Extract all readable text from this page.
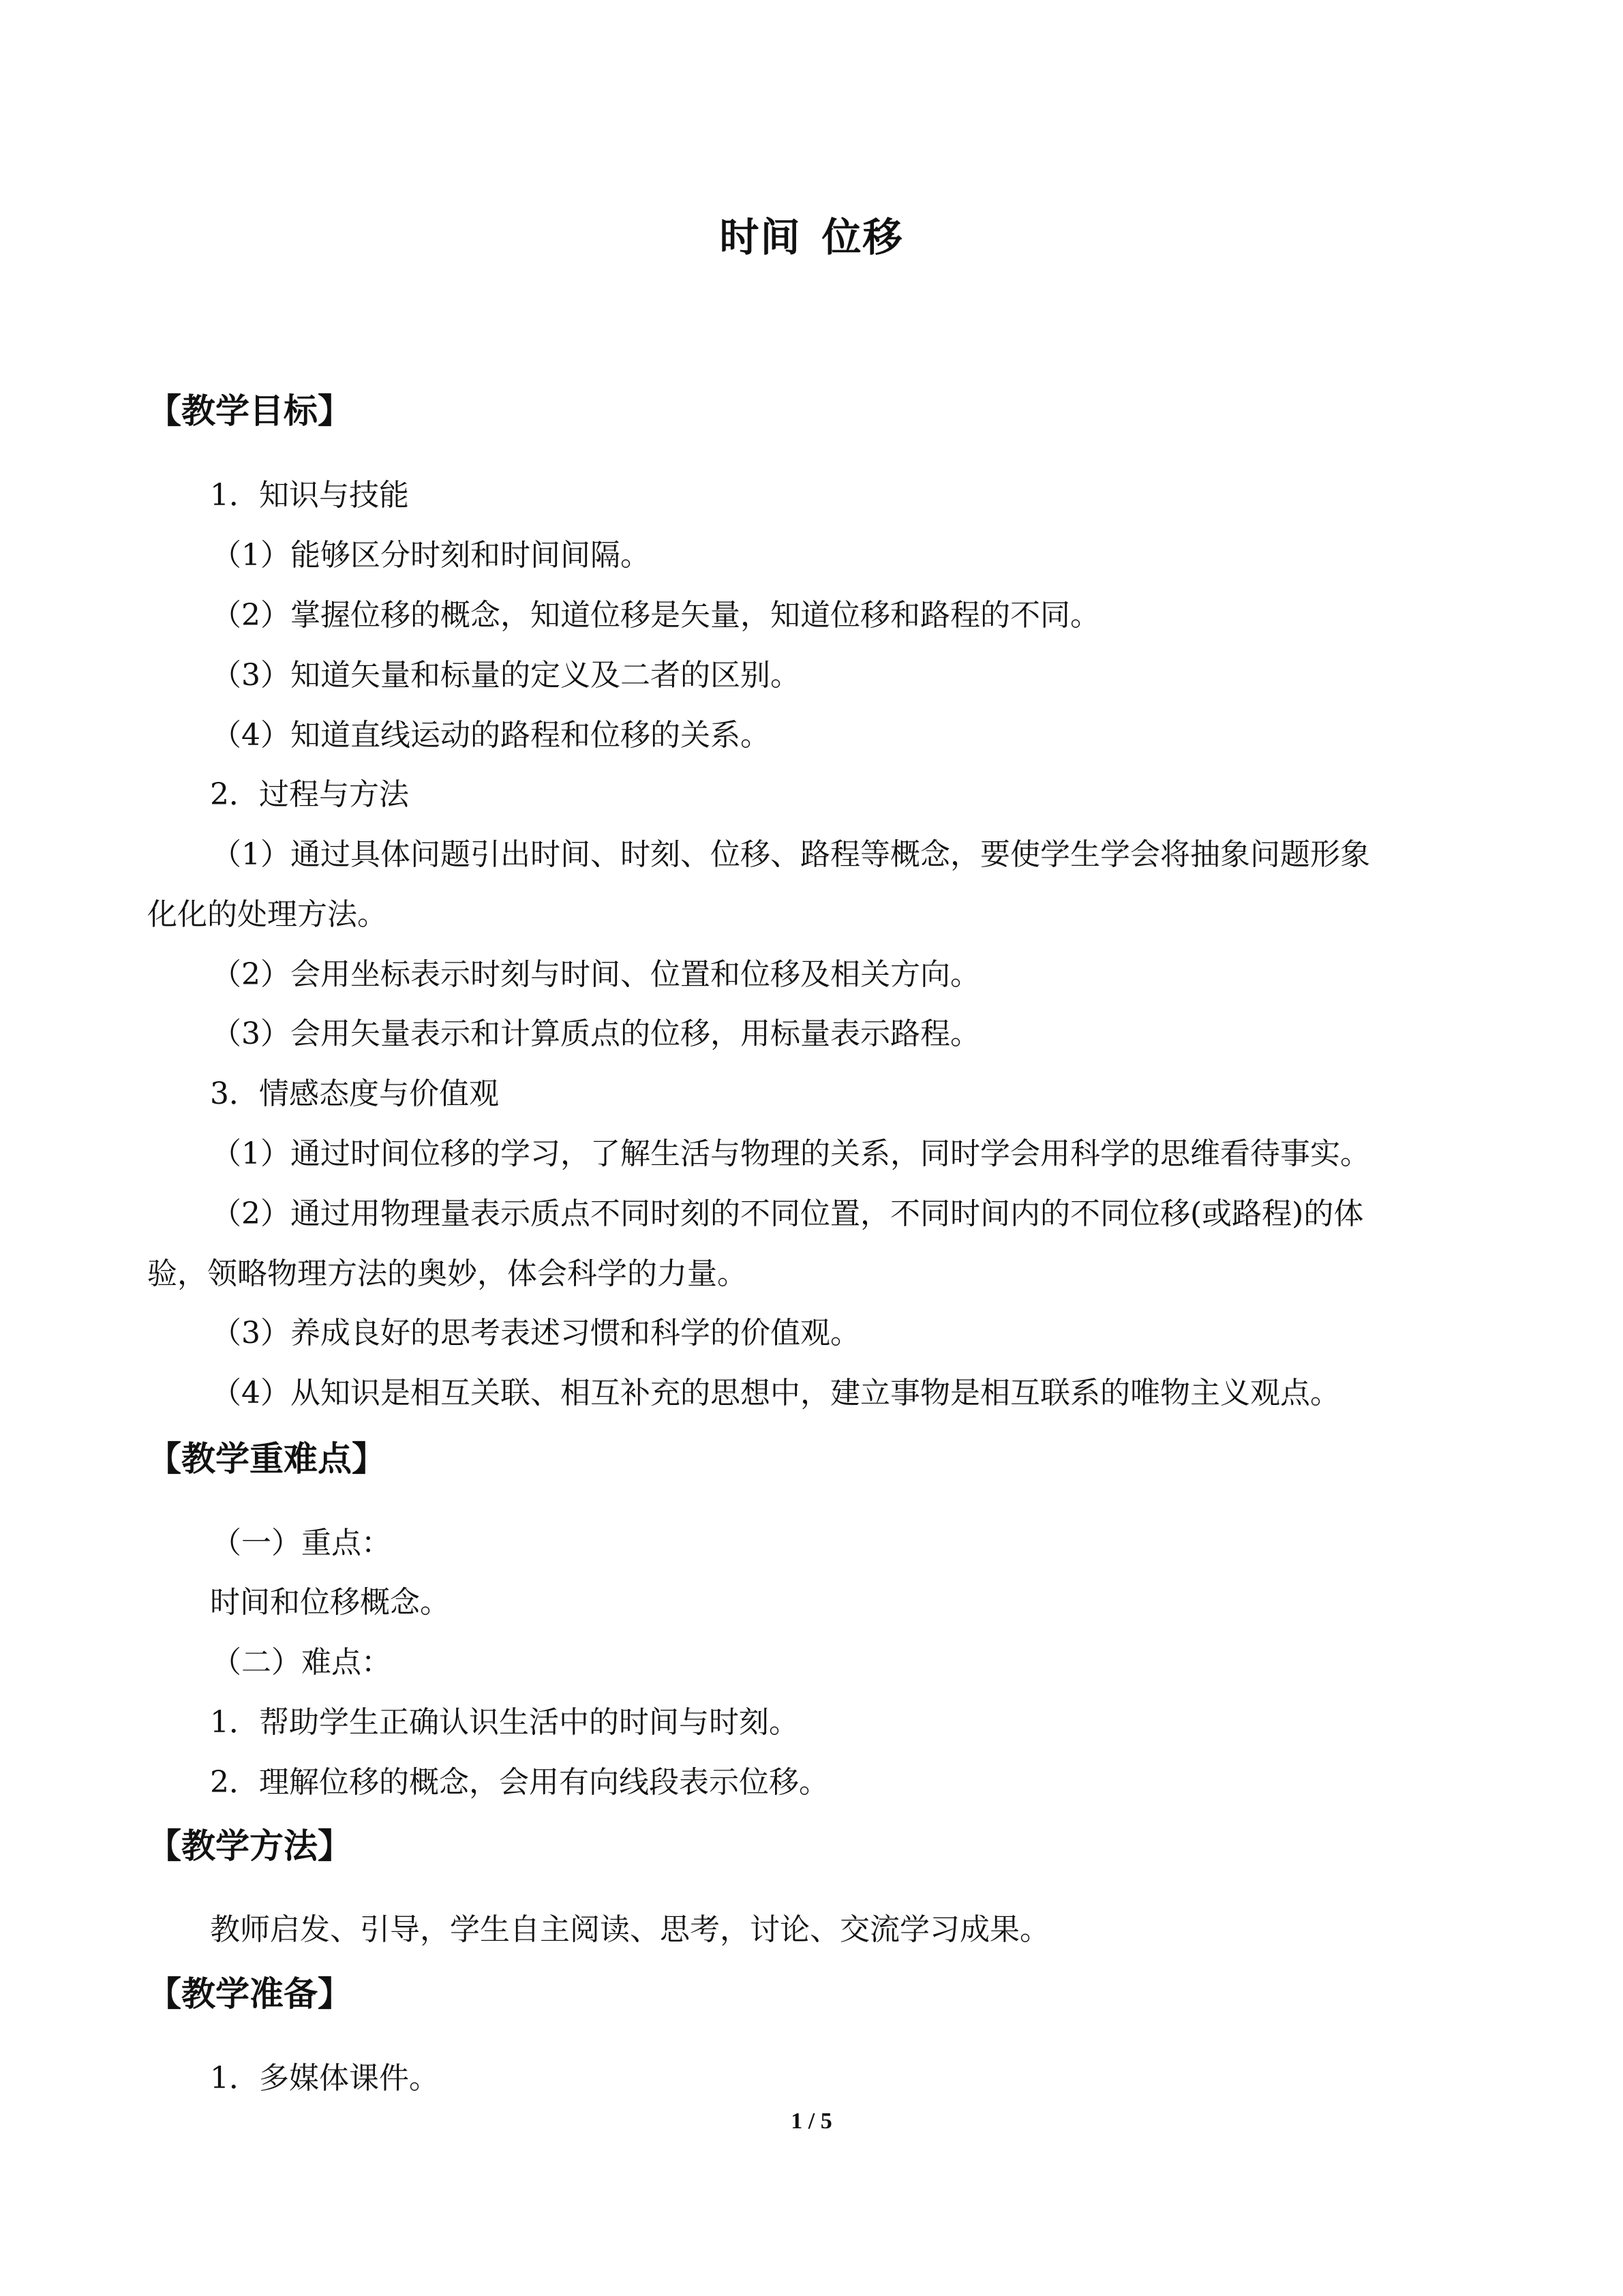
时间 位移
【教学目标】
1．知识与技能
（1）能够区分时刻和时间间隔。
（2）掌握位移的概念，知道位移是矢量，知道位移和路程的不同。
（3）知道矢量和标量的定义及二者的区别。
（4）知道直线运动的路程和位移的关系。
2．过程与方法
（1）通过具体问题引出时间、时刻、位移、路程等概念，要使学生学会将抽象问题形象
化化的处理方法。
（2）会用坐标表示时刻与时间、位置和位移及相关方向。
（3）会用矢量表示和计算质点的位移，用标量表示路程。
3．情感态度与价值观
（1）通过时间位移的学习，了解生活与物理的关系，同时学会用科学的思维看待事实。
（2）通过用物理量表示质点不同时刻的不同位置，不同时间内的不同位移(或路程)的体
验，领略物理方法的奥妙，体会科学的力量。
（3）养成良好的思考表述习惯和科学的价值观。
（4）从知识是相互关联、相互补充的思想中，建立事物是相互联系的唯物主义观点。
【教学重难点】
（一）重点：
时间和位移概念。
（二）难点：
1．帮助学生正确认识生活中的时间与时刻。
2．理解位移的概念，会用有向线段表示位移。
【教学方法】
教师启发、引导，学生自主阅读、思考，讨论、交流学习成果。
【教学准备】
1．多媒体课件。
1 / 5
